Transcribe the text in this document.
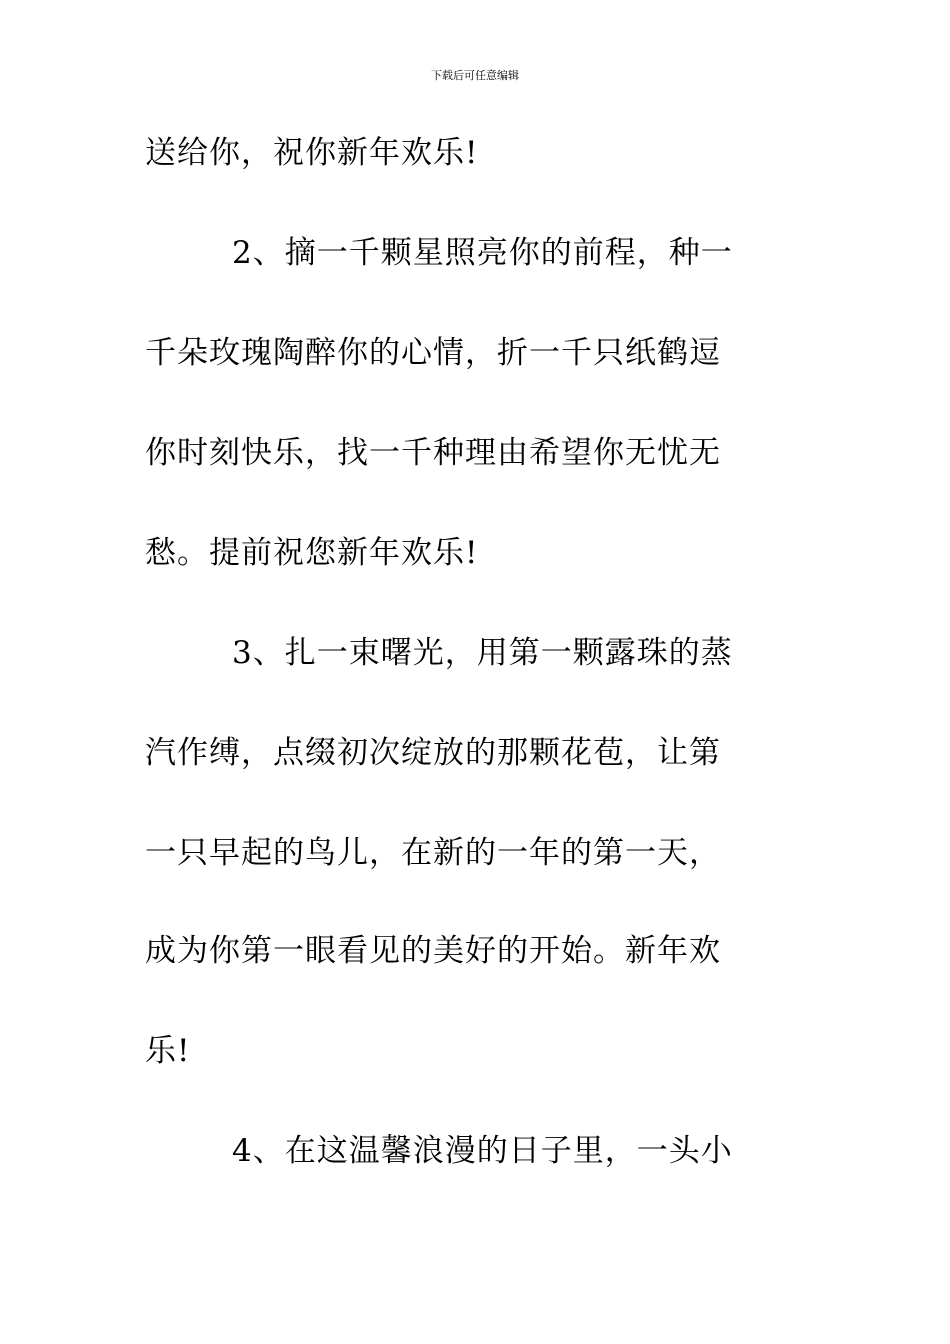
下载后可任意编辑
送给你，祝你新年欢乐!
2、摘一千颗星照亮你的前程，种一
千朵玫瑰陶醉你的心情，折一千只纸鹤逗
你时刻快乐，找一千种理由希望你无忧无
愁。提前祝您新年欢乐!
3、扎一束曙光，用第一颗露珠的蒸
汽作缚，点缀初次绽放的那颗花苞，让第
一只早起的鸟儿，在新的一年的第一天，
成为你第一眼看见的美好的开始。新年欢
乐!
4、在这温馨浪漫的日子里，一头小
